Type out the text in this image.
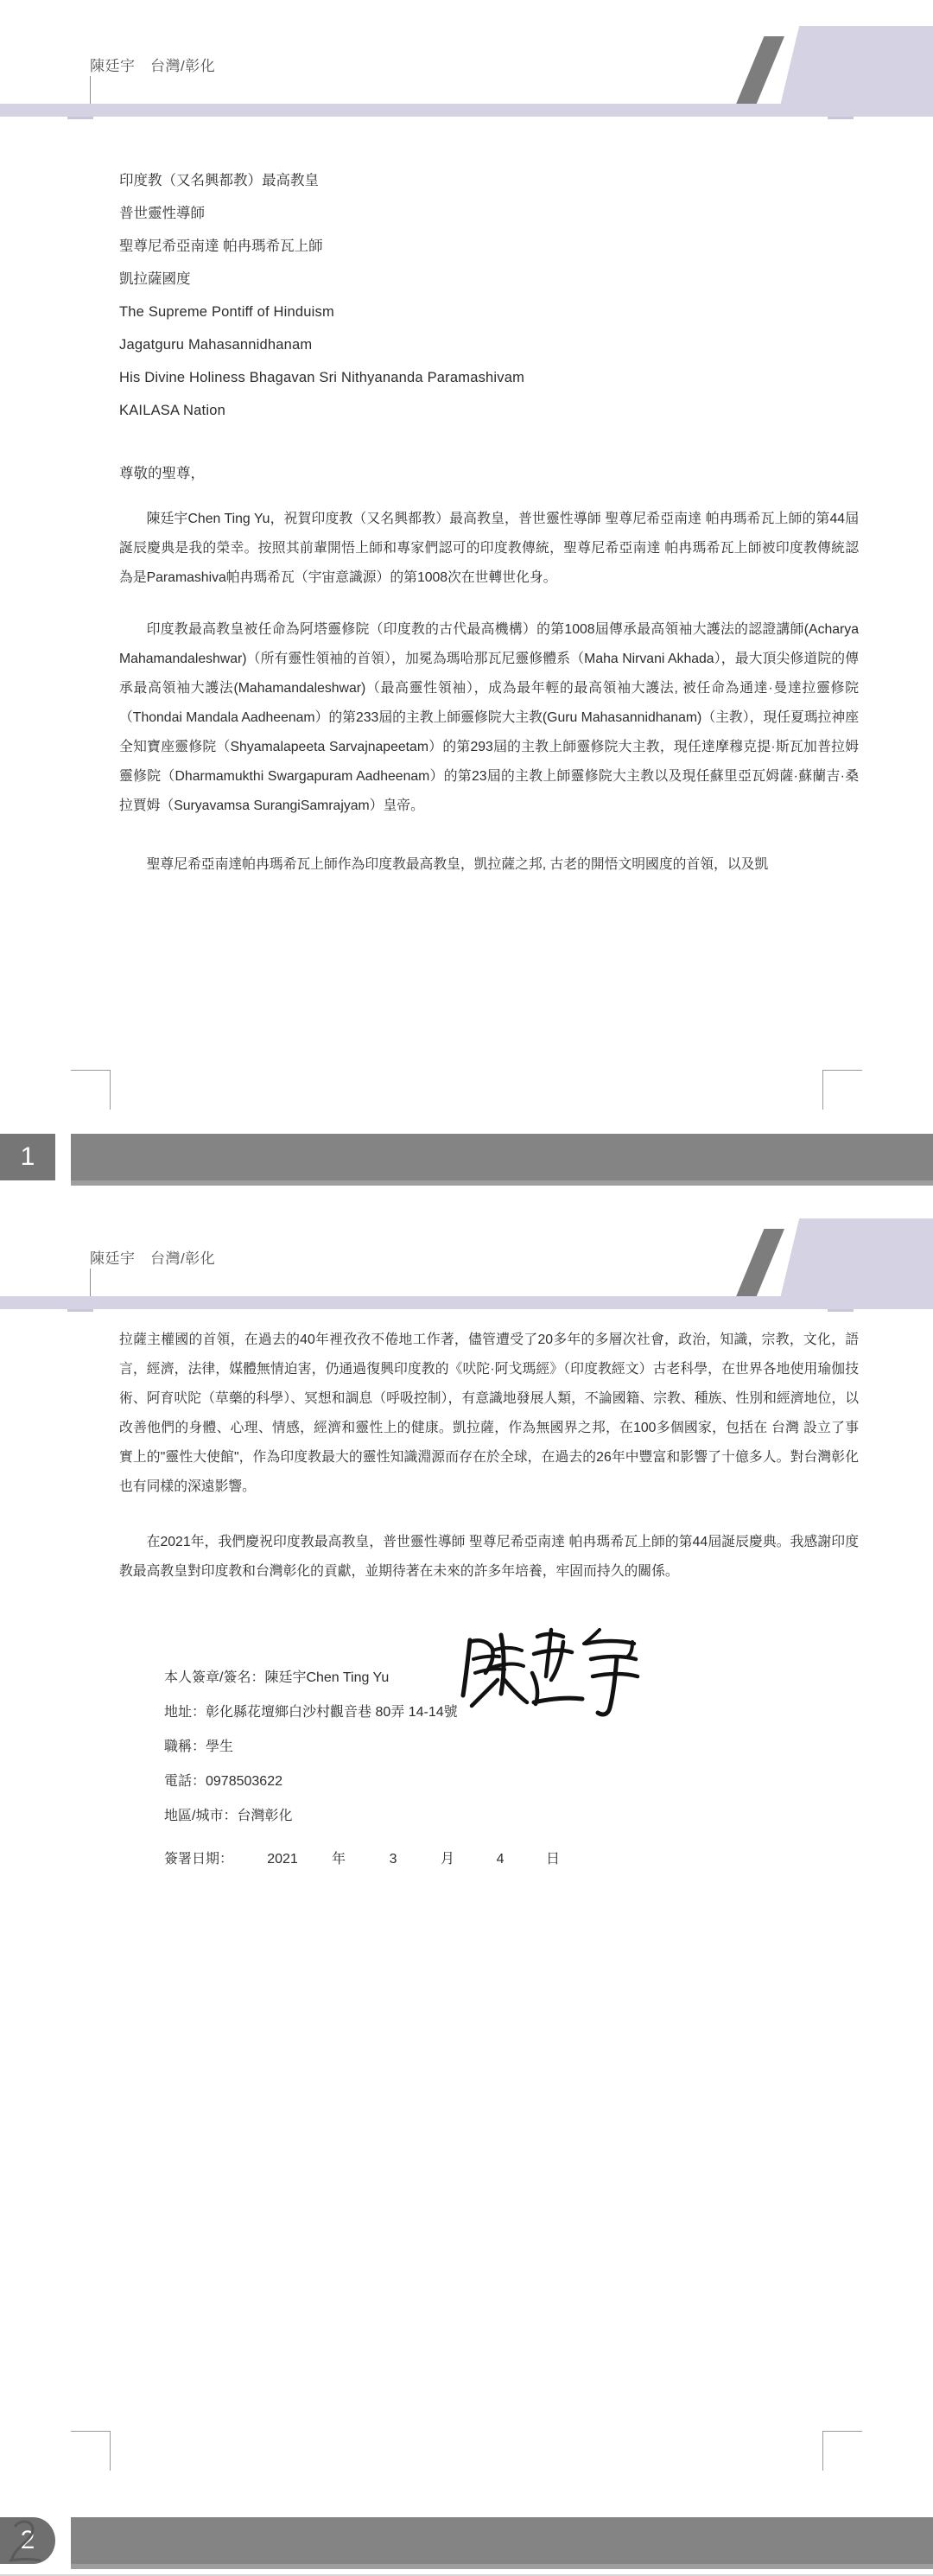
陳廷宇　台灣/彰化
印度教（又名興都教）最高教皇
普世靈性導師
聖尊尼希亞南達 帕冉瑪希瓦上師
凱拉薩國度
The Supreme Pontiff of Hinduism
Jagatguru Mahasannidhanam
His Divine Holiness Bhagavan Sri Nithyananda Paramashivam
KAILASA Nation
尊敬的聖尊，

陳廷宇Chen Ting Yu，祝賀印度教（又名興都教）最高教皇，普世靈性導師 聖尊尼希亞南達 帕冉瑪希瓦上師的第44屆誕辰慶典是我的榮幸。按照其前輩開悟上師和專家們認可的印度教傳統，聖尊尼希亞南達 帕冉瑪希瓦上師被印度教傳統認為是Paramashiva帕冉瑪希瓦（宇宙意識源）的第1008次在世轉世化身。

印度教最高教皇被任命為阿塔靈修院（印度教的古代最高機構）的第1008屆傳承最高領袖大護法的認證講師(Acharya Mahamandaleshwar)（所有靈性領袖的首領），加冕為瑪哈那瓦尼靈修體系（Maha Nirvani Akhada），最大頂尖修道院的傳承最高領袖大護法(Mahamandaleshwar)（最高靈性領袖），成為最年輕的最高領袖大護法, 被任命為通達·曼達拉靈修院（Thondai Mandala Aadheenam）的第233屆的主教上師靈修院大主教(Guru Mahasannidhanam)（主教），現任夏瑪拉神座全知寶座靈修院（Shyamalapeeta Sarvajnapeetam）的第293屆的主教上師靈修院大主教，現任達摩穆克提·斯瓦加普拉姆靈修院（Dharmamukthi Swargapuram Aadheenam）的第23屆的主教上師靈修院大主教以及現任蘇里亞瓦姆薩·蘇蘭吉·桑拉賈姆（Suryavamsa SurangiSamrajyam）皇帝。

聖尊尼希亞南達帕冉瑪希瓦上師作為印度教最高教皇，凱拉薩之邦, 古老的開悟文明國度的首領，以及凱

1
陳廷宇　台灣/彰化

拉薩主權國的首領，在過去的40年裡孜孜不倦地工作著，儘管遭受了20多年的多層次社會，政治，知識，宗教，文化，語言，經濟，法律，媒體無情迫害，仍通過復興印度教的《吠陀·阿戈瑪經》（印度教經文）古老科學，在世界各地使用瑜伽技術、阿育吠陀（草藥的科學）、冥想和調息（呼吸控制），有意識地發展人類，不論國籍、宗教、種族、性別和經濟地位，以改善他們的身體、心理、情感，經濟和靈性上的健康。凱拉薩，作為無國界之邦，在100多個國家，包括在 台灣 設立了事實上的"靈性大使館"，作為印度教最大的靈性知識淵源而存在於全球，在過去的26年中豐富和影響了十億多人。對台灣彰化也有同樣的深遠影響。

在2021年，我們慶祝印度教最高教皇，普世靈性導師 聖尊尼希亞南達 帕冉瑪希瓦上師的第44屆誕辰慶典。我感謝印度教最高教皇對印度教和台灣彰化的貢獻，並期待著在未來的許多年培養，牢固而持久的關係。

本人簽章/簽名：陳廷宇Chen Ting Yu
地址：彰化縣花壇鄉白沙村觀音巷 80弄 14-14號
職稱：學生
電話：0978503622
地區/城市：台灣彰化
簽署日期：	2021	年	3	月	4	日
2
